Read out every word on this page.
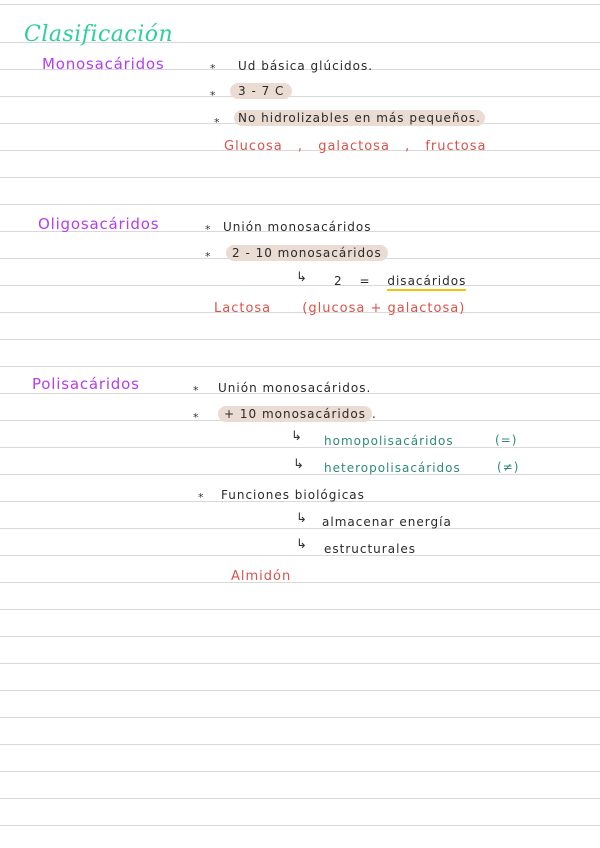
Clasificación
Monosacáridos	* Ud básica glúcidos.
*	3 - 7 C
*	No hidrolizables en más pequeños.
Glucosa , galactosa , fructosa
Oligosacáridos	* Unión monosacáridos
*	2 - 10 monosacáridos
↳ 2 = disacáridos
Lactosa (glucosa + galactosa)
Polisacáridos	* Unión monosacáridos.
*	+ 10 monosacáridos .
↳ homopolisacáridos	(=)
↳ heteropolisacáridos	(≠)
* Funciones biológicas
↳ almacenar energía
↳ estructurales
Almidón
